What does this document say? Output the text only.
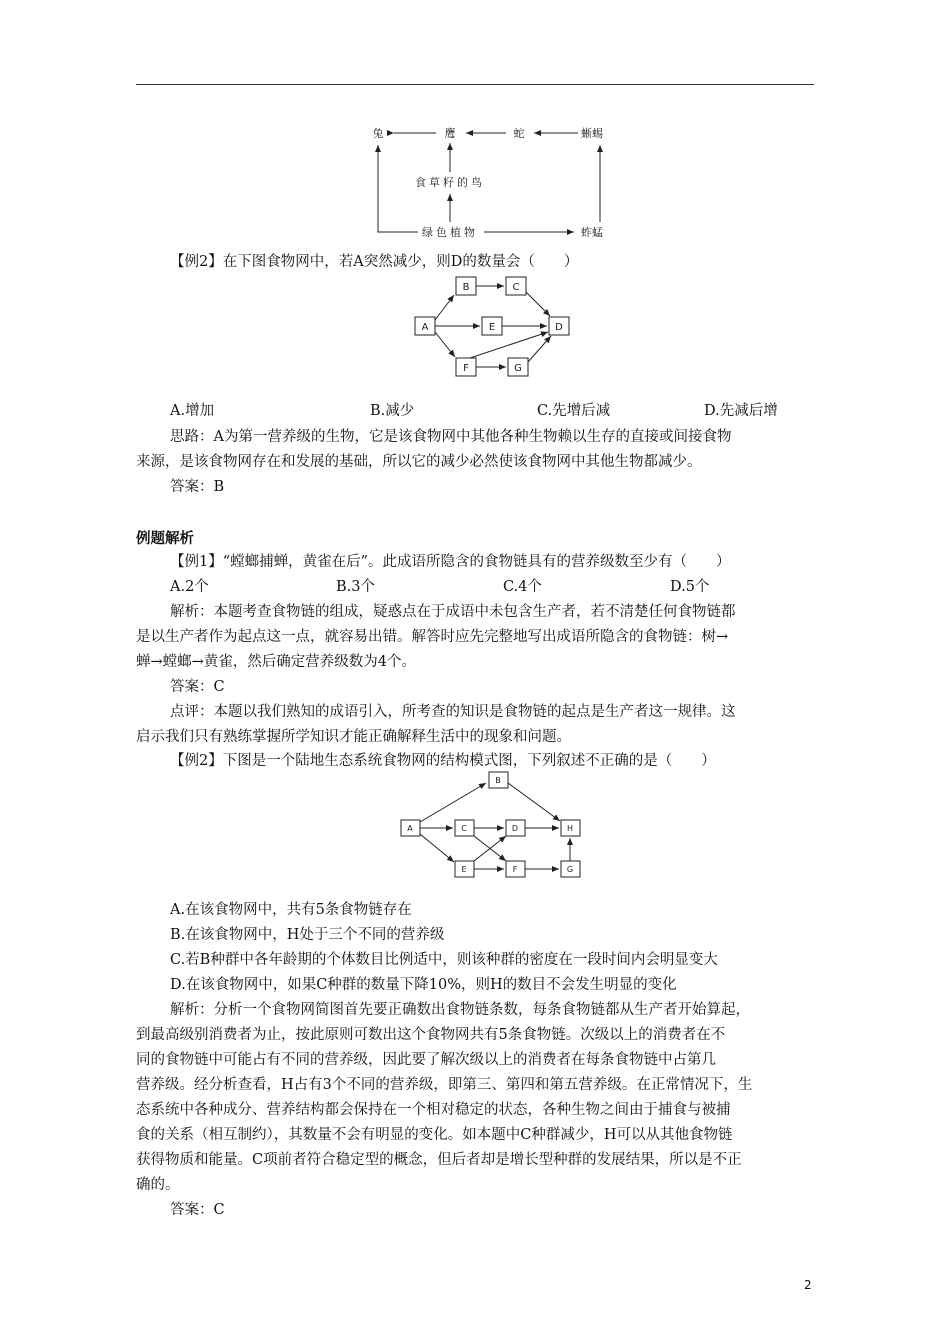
兔	鹰	蛇	蜥蜴
食草籽的鸟
绿色植物	蚱蜢
A
B	C
D
E
F	G
A
B
C	D
E	F	G
H
【例2】在下图食物网中，若A突然减少，则D的数量会（　　）
A.增加	B.减少	C.先增后减	D.先减后增
思路：A为第一营养级的生物，它是该食物网中其他各种生物赖以生存的直接或间接食物
来源，是该食物网存在和发展的基础，所以它的减少必然使该食物网中其他生物都减少。
答案：B
例题解析
【例1】“螳螂捕蝉，黄雀在后”。此成语所隐含的食物链具有的营养级数至少有（　　）
A.2个	B.3个	C.4个	D.5个
解析：本题考查食物链的组成，疑惑点在于成语中未包含生产者，若不清楚任何食物链都
是以生产者作为起点这一点，就容易出错。解答时应先完整地写出成语所隐含的食物链：树→
蝉→螳螂→黄雀，然后确定营养级数为4个。
答案：C
点评：本题以我们熟知的成语引入，所考查的知识是食物链的起点是生产者这一规律。这
启示我们只有熟练掌握所学知识才能正确解释生活中的现象和问题。
【例2】下图是一个陆地生态系统食物网的结构模式图，下列叙述不正确的是（　　）
A.在该食物网中，共有5条食物链存在
B.在该食物网中，H处于三个不同的营养级
C.若B种群中各年龄期的个体数目比例适中，则该种群的密度在一段时间内会明显变大
D.在该食物网中，如果C种群的数量下降10%，则H的数目不会发生明显的变化
解析：分析一个食物网简图首先要正确数出食物链条数，每条食物链都从生产者开始算起，
到最高级别消费者为止，按此原则可数出这个食物网共有5条食物链。次级以上的消费者在不
同的食物链中可能占有不同的营养级，因此要了解次级以上的消费者在每条食物链中占第几
营养级。经分析查看，H占有3个不同的营养级，即第三、第四和第五营养级。在正常情况下，生
态系统中各种成分、营养结构都会保持在一个相对稳定的状态，各种生物之间由于捕食与被捕
食的关系（相互制约），其数量不会有明显的变化。如本题中C种群减少，H可以从其他食物链
获得物质和能量。C项前者符合稳定型的概念，但后者却是增长型种群的发展结果，所以是不正
确的。
答案：C
2
